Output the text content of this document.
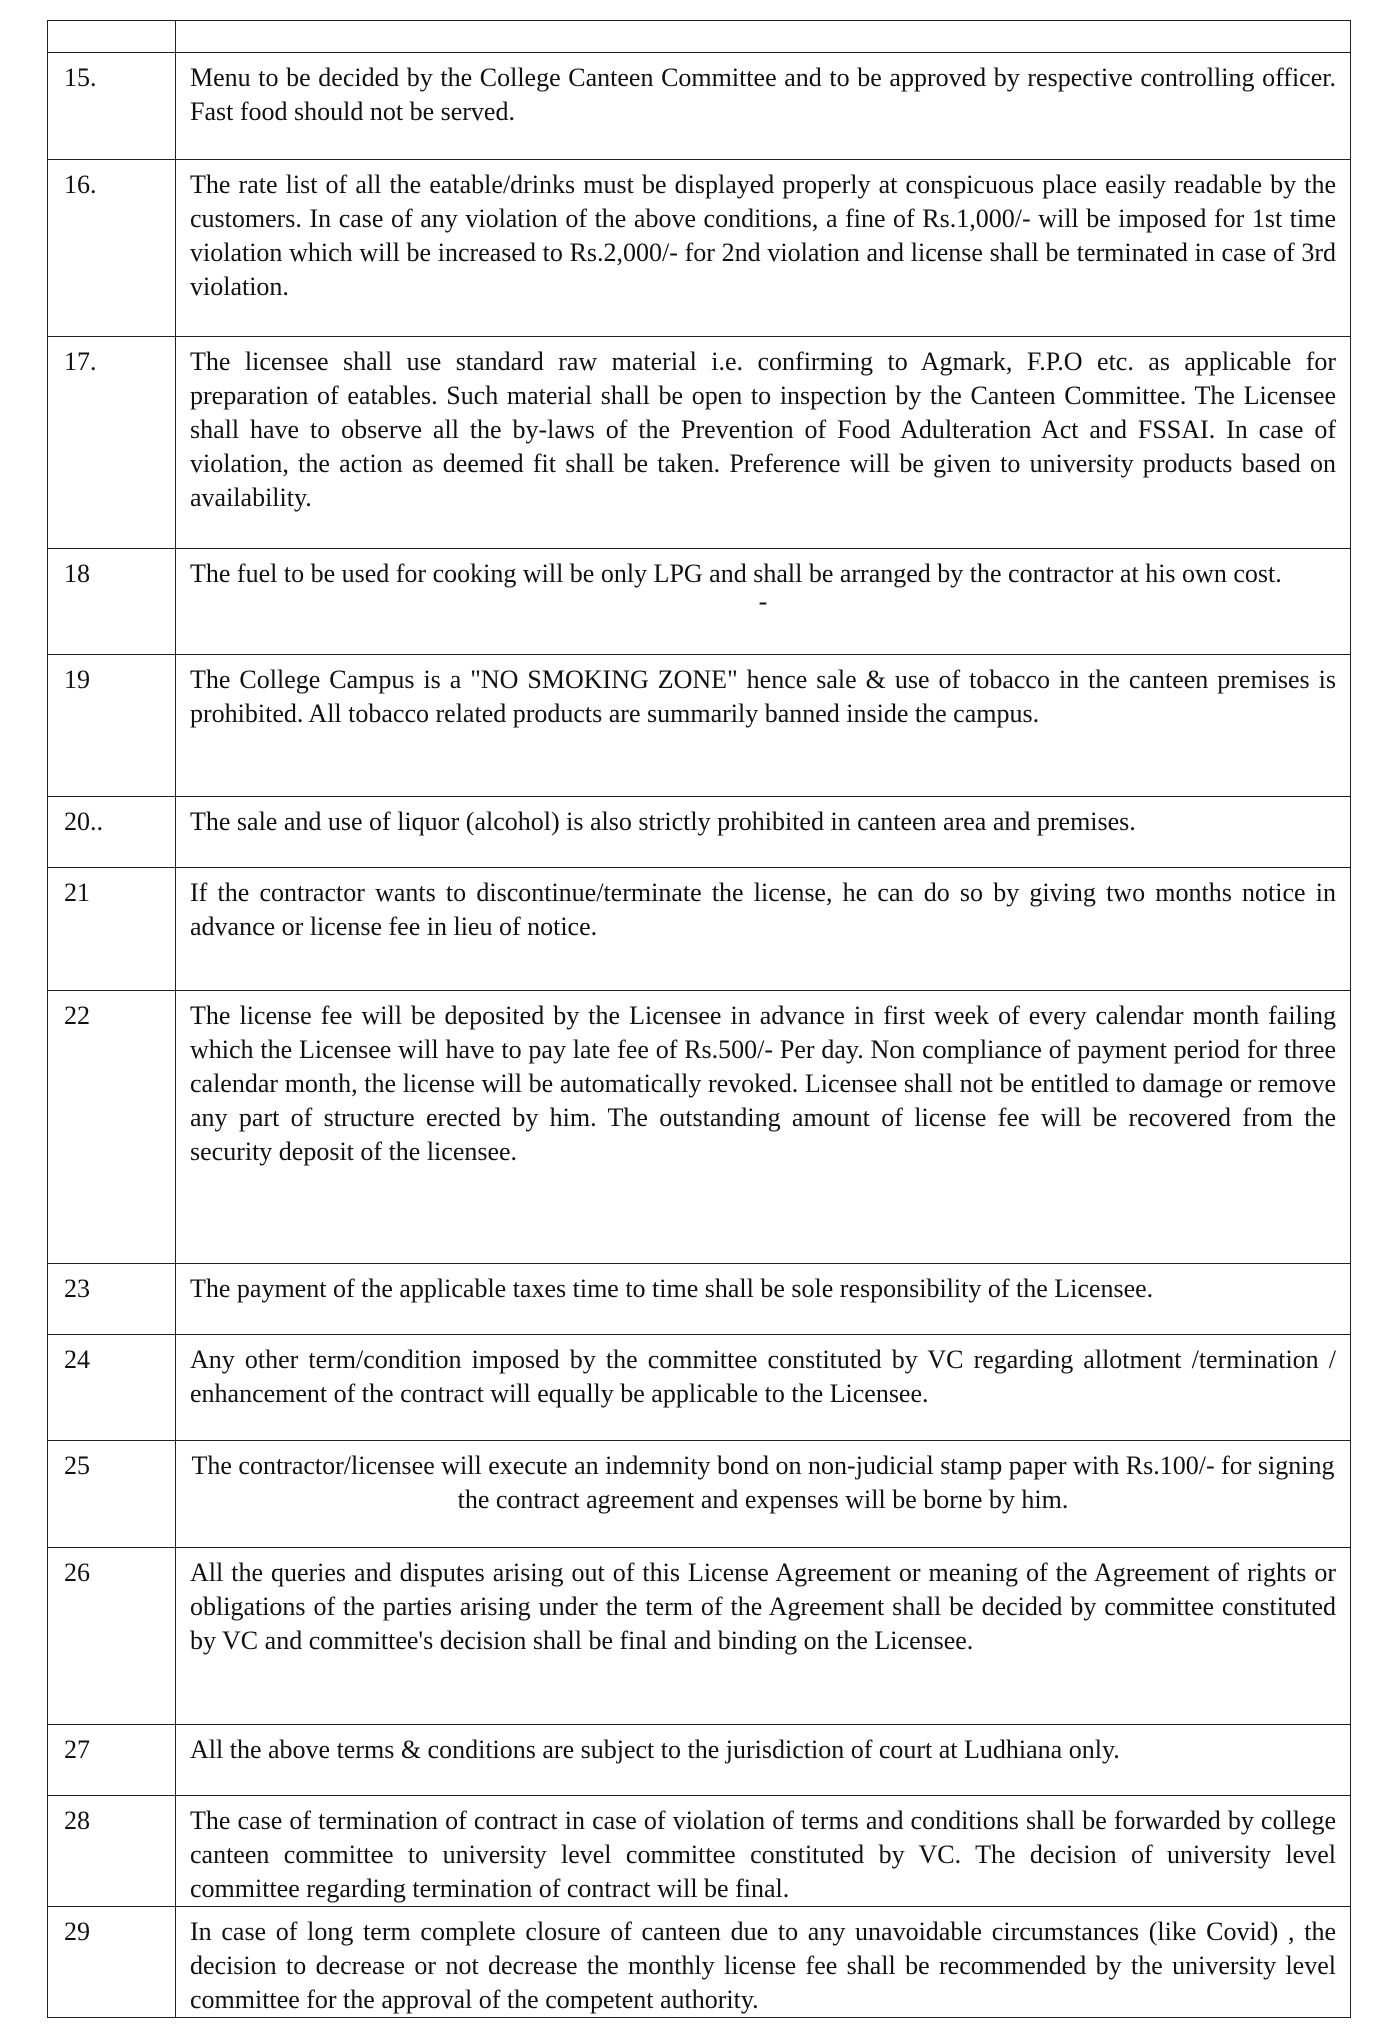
15.	Menu to be decided by the College Canteen Committee and to be approved by respective controlling officer. Fast food should not be served.
16.	The rate list of all the eatable/drinks must be displayed properly at conspicuous place easily readable by the customers. In case of any violation of the above conditions, a fine of Rs.1,000/- will be imposed for 1st time violation which will be increased to Rs.2,000/- for 2nd violation and license shall be terminated in case of 3rd violation.
17.	The licensee shall use standard raw material i.e. confirming to Agmark, F.P.O etc. as applicable for preparation of eatables. Such material shall be open to inspection by the Canteen Committee. The Licensee shall have to observe all the by-laws of the Prevention of Food Adulteration Act and FSSAI. In case of violation, the action as deemed fit shall be taken. Preference will be given to university products based on availability.
18	The fuel to be used for cooking will be only LPG and shall be arranged by the contractor at his own cost.
-

19	The College Campus is a "NO SMOKING ZONE" hence sale & use of tobacco in the canteen premises is prohibited. All tobacco related products are summarily banned inside the campus.
20..	The sale and use of liquor (alcohol) is also strictly prohibited in canteen area and premises.
21	If the contractor wants to discontinue/terminate the license, he can do so by giving two months notice in advance or license fee in lieu of notice.
22	The license fee will be deposited by the Licensee in advance in first week of every calendar month failing which the Licensee will have to pay late fee of Rs.500/- Per day. Non compliance of payment period for three calendar month, the license will be automatically revoked. Licensee shall not be entitled to damage or remove any part of structure erected by him. The outstanding amount of license fee will be recovered from the security deposit of the licensee.
23	The payment of the applicable taxes time to time shall be sole responsibility of the Licensee.
24	Any other term/condition imposed by the committee constituted by VC regarding allotment /termination / enhancement of the contract will equally be applicable to the Licensee.
25	The contractor/licensee will execute an indemnity bond on non-judicial stamp paper with Rs.100/- for signing the contract agreement and expenses will be borne by him.
26	All the queries and disputes arising out of this License Agreement or meaning of the Agreement of rights or obligations of the parties arising under the term of the Agreement shall be decided by committee constituted by VC and committee's decision shall be final and binding on the Licensee.
27	All the above terms & conditions are subject to the jurisdiction of court at Ludhiana only.
28	The case of termination of contract in case of violation of terms and conditions shall be forwarded by college canteen committee to university level committee constituted by VC. The decision of university level committee regarding termination of contract will be final.
29	In case of long term complete closure of canteen due to any unavoidable circumstances (like Covid) , the decision to decrease or not decrease the monthly license fee shall be recommended by the university level committee for the approval of the competent authority.
